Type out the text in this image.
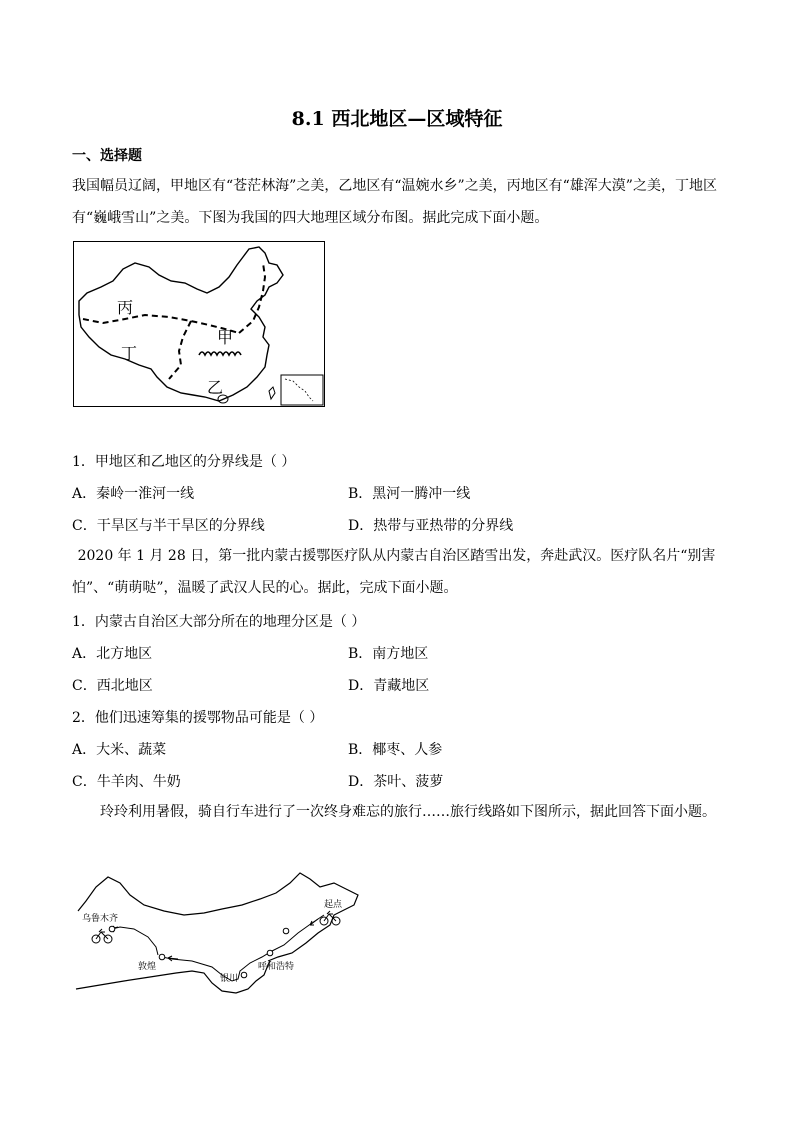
8.1 西北地区—区域特征
一、选择题
我国幅员辽阔，甲地区有“苍茫林海”之美，乙地区有“温婉水乡”之美，丙地区有“雄浑大漠”之美，丁地区有“巍峨雪山”之美。下图为我国的四大地理区域分布图。据此完成下面小题。
丙
甲
丁
乙
1．甲地区和乙地区的分界线是（ ）
A．秦岭一淮河一线	B．黑河一腾冲一线
C．干旱区与半干旱区的分界线	D．热带与亚热带的分界线
2020 年 1 月 28 日，第一批内蒙古援鄂医疗队从内蒙古自治区踏雪出发，奔赴武汉。医疗队名片“别害怕”、“萌萌哒”，温暖了武汉人民的心。据此，完成下面小题。
1．内蒙古自治区大部分所在的地理分区是（ ）
A．北方地区	B．南方地区
C．西北地区	D．青藏地区
2．他们迅速筹集的援鄂物品可能是（ ）
A．大米、蔬菜	B．椰枣、人参
C．牛羊肉、牛奶	D．茶叶、菠萝
玲玲利用暑假，骑自行车进行了一次终身难忘的旅行……旅行线路如下图所示，据此回答下面小题。
乌鲁木齐
敦煌
银川
呼和浩特
起点
